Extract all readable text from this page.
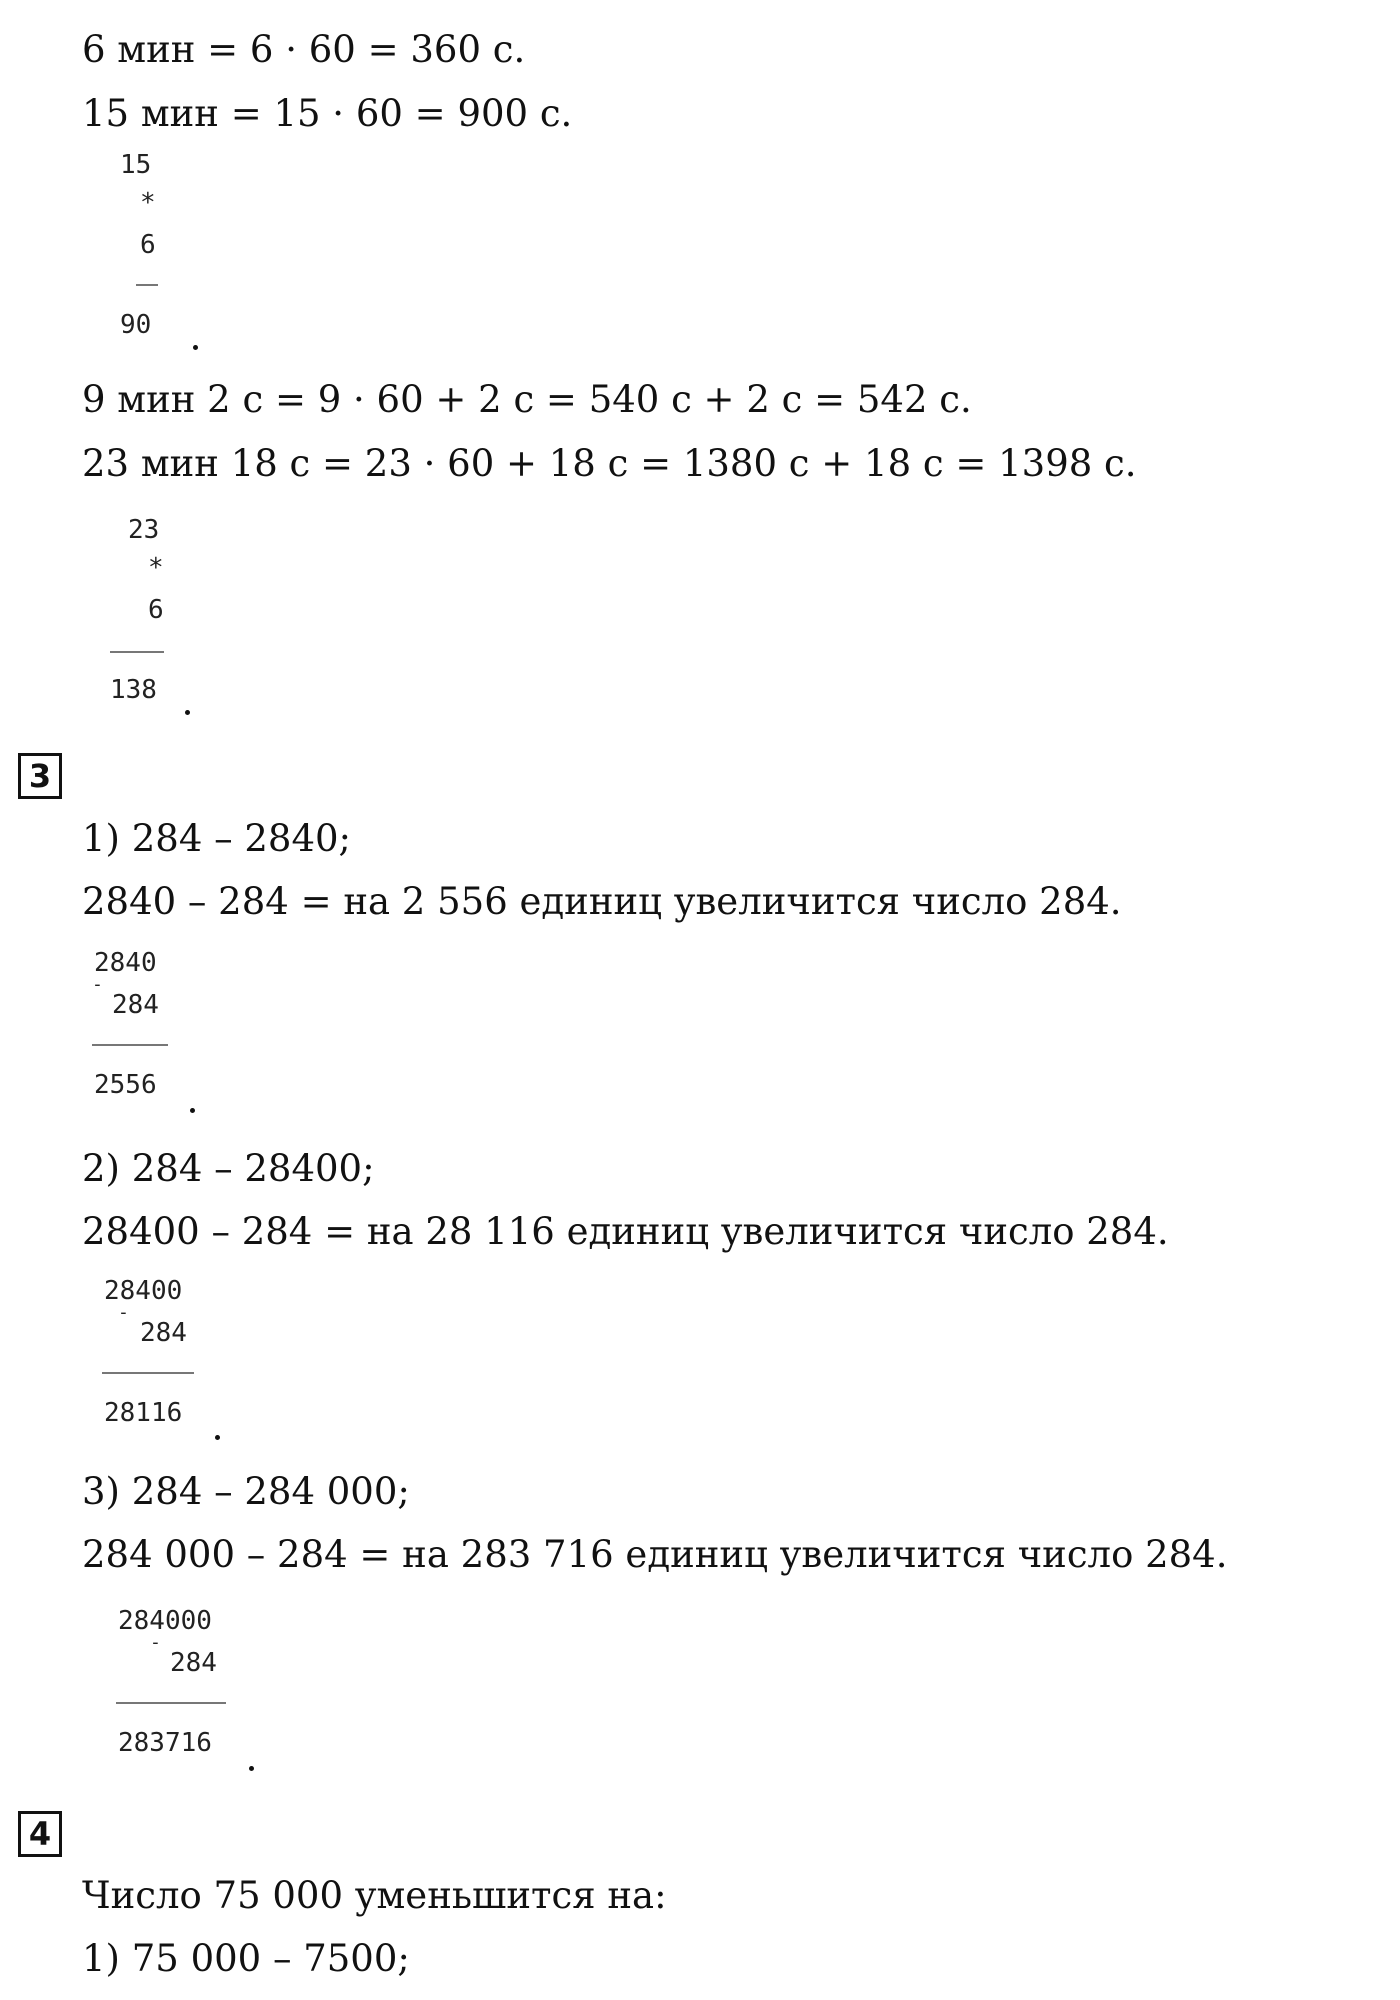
6 мин = 6 · 60 = 360 с.
15 мин = 15 · 60 = 900 с.
15
*
6
90
9 мин 2 с = 9 · 60 + 2 с = 540 с + 2 с = 542 с.
23 мин 18 с = 23 · 60 + 18 с = 1380 с + 18 с = 1398 с.
23
*
6
138
3
1) 284 – 2840;
2840 – 284 = на 2 556 единиц увеличится число 284.
2840
-
284
2556
2) 284 – 28400;
28400 – 284 = на 28 116 единиц увеличится число 284.
28400
-
284
28116
3) 284 – 284 000;
284 000 – 284 = на 283 716 единиц увеличится число 284.
284000
-
284
283716
4
Число 75 000 уменьшится на:
1) 75 000 – 7500;
